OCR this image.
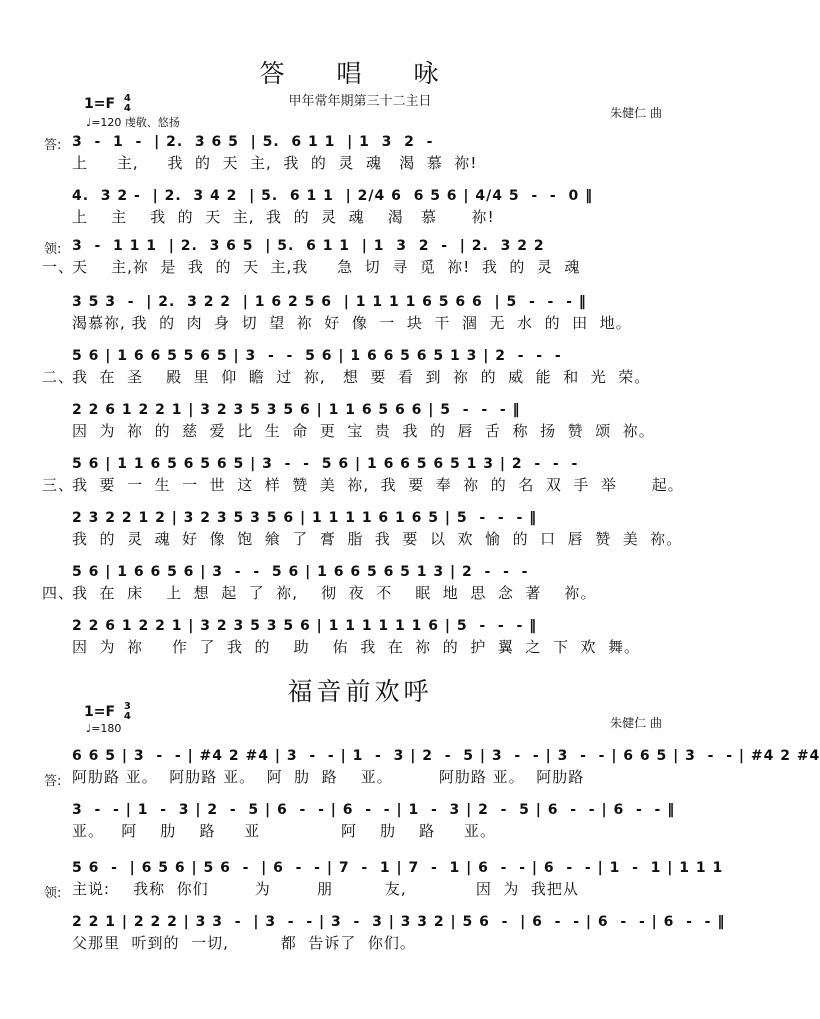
答 唱 咏
甲年常年期第三十二主日
朱健仁 曲
1=F 4
4
♩=120 虔敬、悠扬
答: 3  -  1  -  | 2.  3 6 5  | 5.  6 1 1  | 1  3  2  -
上     主,     我  的  天  主,  我  的  灵  魂   渴  慕  祢!
4.  3 2 -  | 2.  3 4 2  | 5.  6 1 1  | 2/4 6  6 5 6 | 4/4 5  -  -  0 ‖
上    主    我  的  天  主,  我  的  灵  魂    渴   慕      祢!
领: 3  -  1 1 1  | 2.  3 6 5  | 5.  6 1 1  | 1  3  2  -  | 2.  3 2 2
一、
天    主,祢  是  我  的  天  主,我     急  切  寻  觅  祢!  我  的  灵  魂
3 5 3  -  | 2.  3 2 2  | 1 6 2 5 6  | 1 1 1 1 6 5 6 6  | 5  -  -  - ‖
渴慕祢, 我  的  肉  身  切  望  祢  好  像  一  块  干  涸  无  水  的  田  地。
5 6 | 1 6 6 5 5 6 5 | 3  -  -  5 6 | 1 6 6 5 6 5 1 3 | 2  -  -  -
二、
我  在  圣    殿  里  仰  瞻  过  祢,   想  要  看  到  祢  的  威  能  和  光  荣。
2 2 6 1 2 2 1 | 3 2 3 5 3 5 6 | 1 1 6 5 6 6 | 5  -  -  - ‖
因  为  祢  的  慈  爱  比  生  命  更  宝  贵  我  的  唇  舌  称  扬  赞  颂  祢。
5 6 | 1 1 6 5 6 5 6 5 | 3  -  -  5 6 | 1 6 6 5 6 5 1 3 | 2  -  -  -
三、
我  要  一  生  一  世  这  样  赞  美  祢,  我  要  奉  祢  的  名  双  手  举      起。
2 3 2 2 1 2 | 3 2 3 5 3 5 6 | 1 1 1 1 6 1 6 5 | 5  -  -  - ‖
我  的  灵  魂  好  像  饱  飨  了  膏  脂  我  要  以  欢  愉  的  口  唇  赞  美  祢。
5 6 | 1 6 6 5 6 | 3  -  -  5 6 | 1 6 6 5 6 5 1 3 | 2  -  -  -
四、
我  在  床    上  想  起  了  祢,    彻  夜  不    眠  地  思  念  著    祢。
2 2 6 1 2 2 1 | 3 2 3 5 3 5 6 | 1 1 1 1 1 1 6 | 5  -  -  - ‖
因  为  祢     作  了  我  的    助    佑  我  在  祢  的  护  翼  之  下  欢  舞。
福音前欢呼
朱健仁 曲
1=F 3
4
♩=180
答:
6 6 5 | 3  -  - | #4 2 #4 | 3  -  - | 1  -  3 | 2  -  5 | 3  -  - | 3  -  - | 6 6 5 | 3  -  - | #4 2 #4
阿肋路 亚。  阿肋路 亚。  阿  肋  路    亚。        阿肋路 亚。  阿肋路
3  -  - | 1  -  3 | 2  -  5 | 6  -  - | 6  -  - | 1  -  3 | 2  -  5 | 6  -  - | 6  -  - ‖
亚。   阿    肋    路     亚              阿    肋    路     亚。
领:
5 6  -  | 6 5 6 | 5 6  -  | 6  -  - | 7  -  1 | 7  -  1 | 6  -  - | 6  -  - | 1  -  1 | 1 1 1
主说:    我称  你们        为        朋         友,            因  为  我把从
2 2 1 | 2 2 2 | 3 3  -  | 3  -  - | 3  -  3 | 3 3 2 | 5 6  -  | 6  -  - | 6  -  - | 6  -  - ‖
父那里  听到的  一切,         都  告诉了  你们。
